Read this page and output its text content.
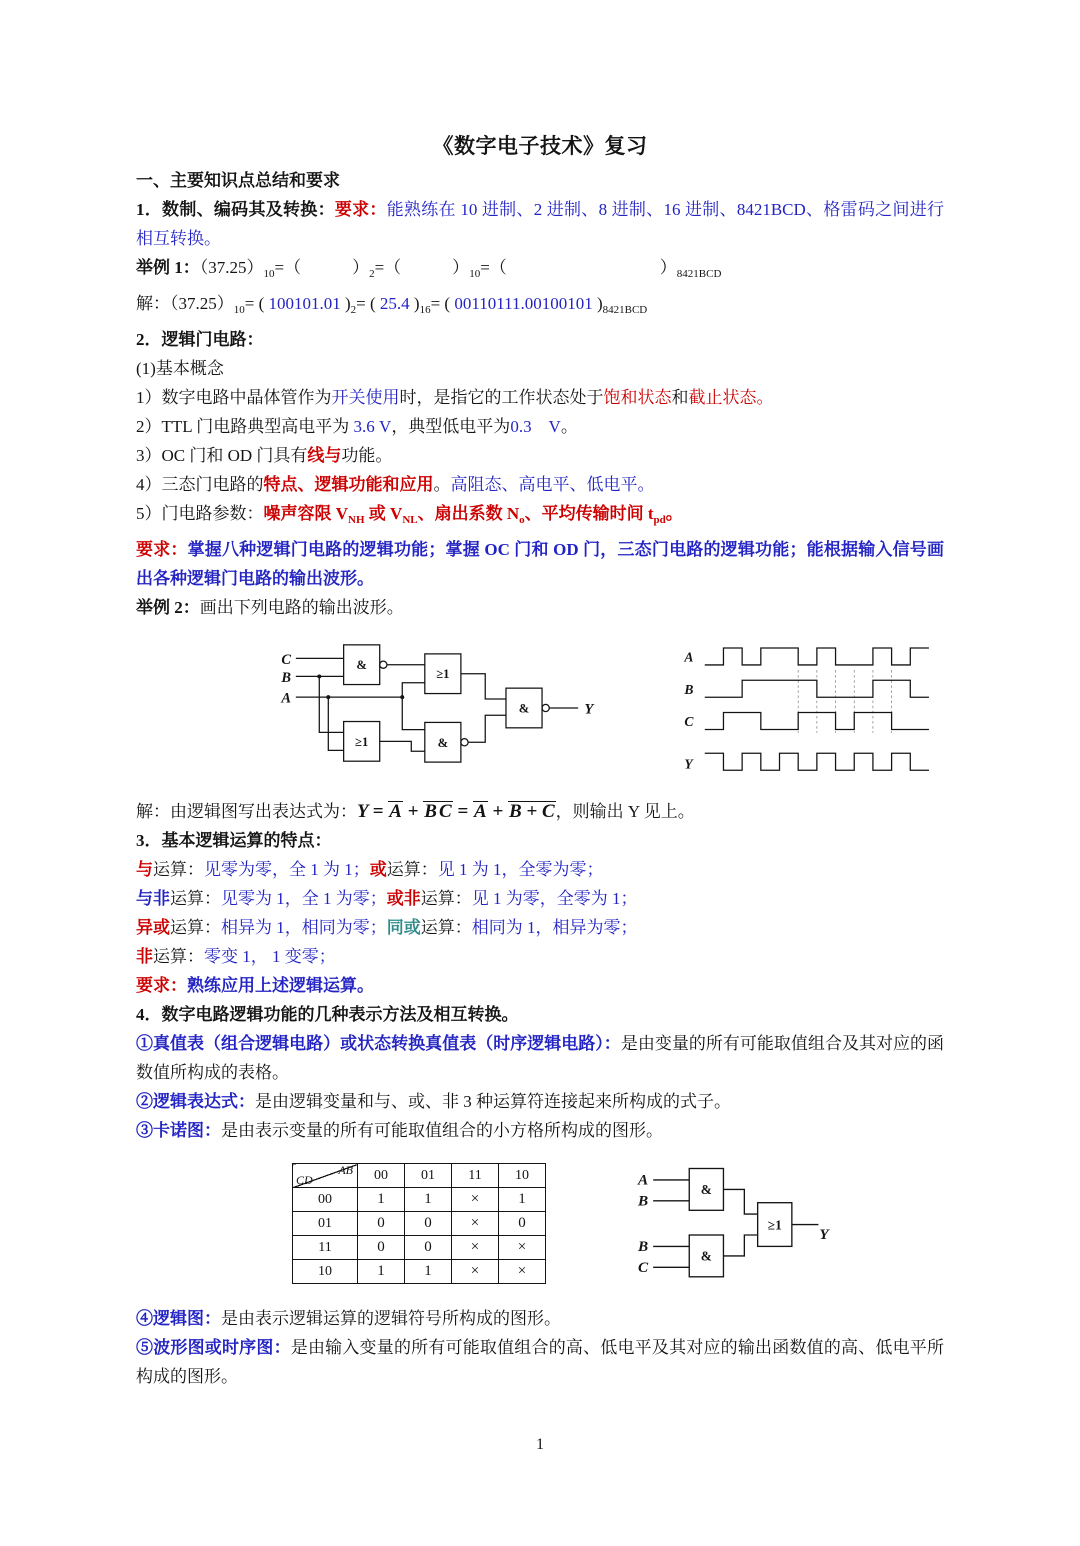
《数字电子技术》复习
一、主要知识点总结和要求
1．数制、编码其及转换：要求：能熟练在 10 进制、2 进制、8 进制、16 进制、8421BCD、格雷码之间进行相互转换。
举例 1：$(37.25)_{10}=$（　　　）$_2=$（　　　）$_{10}=$（　　　　　　　　　）$_{8421BCD}$
解：$(37.25)_{10}=$ ( 100101.01 )$_2=$ ( 25.4 )$_{16}=$ ( 00110111.00100101 )$_{8421BCD}$
2．逻辑门电路：
(1)基本概念
1）数字电路中晶体管作为开关使用时，是指它的工作状态处于饱和状态和截止状态。
2）TTL 门电路典型高电平为 3.6 V，典型低电平为0.3　V。
3）OC 门和 OD 门具有线与功能。
4）三态门电路的特点、逻辑功能和应用。高阻态、高电平、低电平。
5）门电路参数：噪声容限 $V_{NH}$ 或 $V_{NL}$、扇出系数 $N_o$、平均传输时间 $t_{pd}$。
要求：掌握八种逻辑门电路的逻辑功能；掌握 OC 门和 OD 门，三态门电路的逻辑功能；能根据输入信号画出各种逻辑门电路的输出波形。
举例 2：画出下列电路的输出波形。
&
≥1
≥1
&
&
C
B
A
Y
A
B
C
Y
解：由逻辑图写出表达式为：Y = A + B C = A + B + C，则输出 Y 见上。
3．基本逻辑运算的特点：
与运算：见零为零，全 1 为 1；或运算：见 1 为 1，全零为零；
与非运算：见零为 1，全 1 为零；或非运算：见 1 为零，全零为 1；
异或运算：相异为 1，相同为零；同或运算：相同为 1，相异为零；
非运算：零变 1， 1 变零；
要求：熟练应用上述逻辑运算。
4．数字电路逻辑功能的几种表示方法及相互转换。
①真值表（组合逻辑电路）或状态转换真值表（时序逻辑电路）：是由变量的所有可能取值组合及其对应的函数值所构成的表格。
②逻辑表达式：是由逻辑变量和与、或、非 3 种运算符连接起来所构成的式子。
③卡诺图：是由表示变量的所有可能取值组合的小方格所构成的图形。
AB
CD	00	01	11	10
00	1	1	×	1
01	0	0	×	0
11	0	0	×	×
10	1	1	×	×
&
&
≥1
A
B
B
C
Y
④逻辑图：是由表示逻辑运算的逻辑符号所构成的图形。
⑤波形图或时序图：是由输入变量的所有可能取值组合的高、低电平及其对应的输出函数值的高、低电平所构成的图形。
1
